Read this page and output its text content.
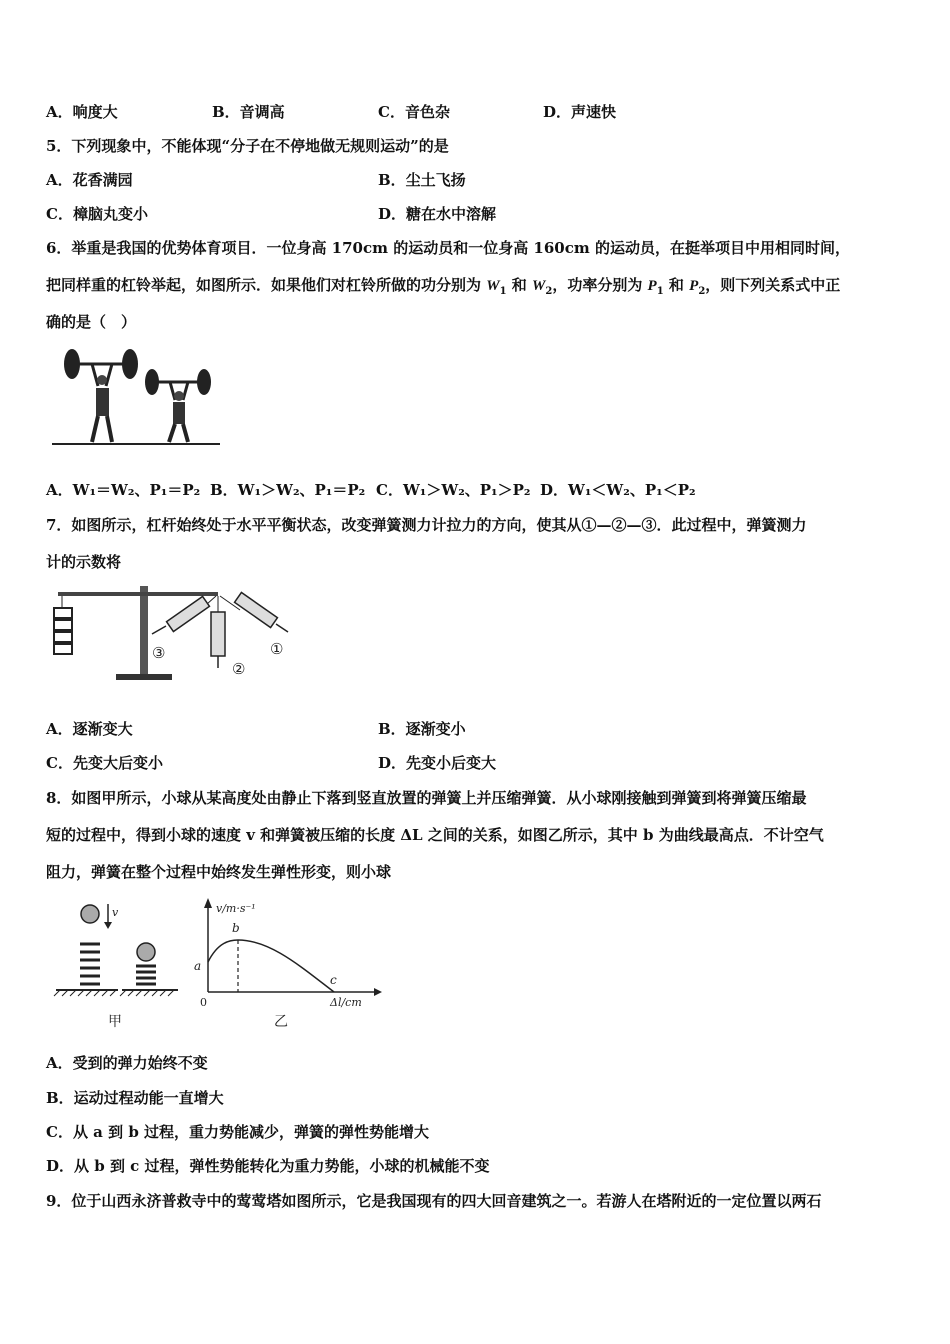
A．响度大	B．音调高	C．音色杂	D．声速快
5．下列现象中，不能体现“分子在不停地做无规则运动”的是
A．花香满园	B．尘土飞扬
C．樟脑丸变小	D．糖在水中溶解
6．举重是我国的优势体育项目．一位身高 170cm 的运动员和一位身高 160cm 的运动员，在挺举项目中用相同时间，
把同样重的杠铃举起，如图所示．如果他们对杠铃所做的功分别为 $W_1$ 和 $W_2$，功率分别为 $P_1$ 和 $P_2$，则下列关系式中正
确的是（　）
A．W₁＝W₂、P₁＝P₂ B．W₁＞W₂、P₁＝P₂ C．W₁＞W₂、P₁＞P₂ D．W₁＜W₂、P₁＜P₂
7．如图所示，杠杆始终处于水平平衡状态，改变弹簧测力计拉力的方向，使其从①—②—③．此过程中，弹簧测力
计的示数将
③
②
①
A．逐渐变大	B．逐渐变小
C．先变大后变小	D．先变小后变大
8．如图甲所示，小球从某高度处由静止下落到竖直放置的弹簧上并压缩弹簧．从小球刚接触到弹簧到将弹簧压缩最
短的过程中，得到小球的速度 v 和弹簧被压缩的长度 ΔL 之间的关系，如图乙所示，其中 b 为曲线最高点．不计空气
阻力，弹簧在整个过程中始终发生弹性形变，则小球
v
甲
v/m·s⁻¹
Δl/cm
0
a
b
c
乙
A．受到的弹力始终不变
B．运动过程动能一直增大
C．从 a 到 b 过程，重力势能减少，弹簧的弹性势能增大
D．从 b 到 c 过程，弹性势能转化为重力势能，小球的机械能不变
9．位于山西永济普救寺中的莺莺塔如图所示，它是我国现有的四大回音建筑之一。若游人在塔附近的一定位置以两石
